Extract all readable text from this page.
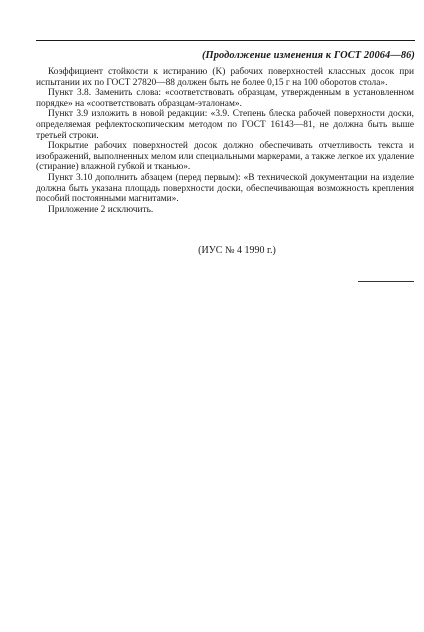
(Продолжение изменения к ГОСТ 20064—86)

Коэффициент стойкости к истиранию (K) рабочих поверхностей классных досок при испытании их по ГОСТ 27820—88 должен быть не более 0,15 г на 100 оборотов стола».

Пункт 3.8. Заменить слова: «соответствовать образцам, утвержденным в установленном порядке» на «соответствовать образцам-эталонам».

Пункт 3.9 изложить в новой редакции: «3.9. Степень блеска рабочей поверхности доски, определяемая рефлектоскопическим методом по ГОСТ 16143—81, не должна быть выше третьей строки.

Покрытие рабочих поверхностей досок должно обеспечивать отчетливость текста и изображений, выполненных мелом или специальными маркерами, а также легкое их удаление (стирание) влажной губкой и тканью».

Пункт 3.10 дополнить абзацем (перед первым): «В технической документации на изделие должна быть указана площадь поверхности доски, обеспечивающая возможность крепления пособий постоянными магнитами».

Приложение 2 исключить.

(ИУС № 4 1990 г.)
